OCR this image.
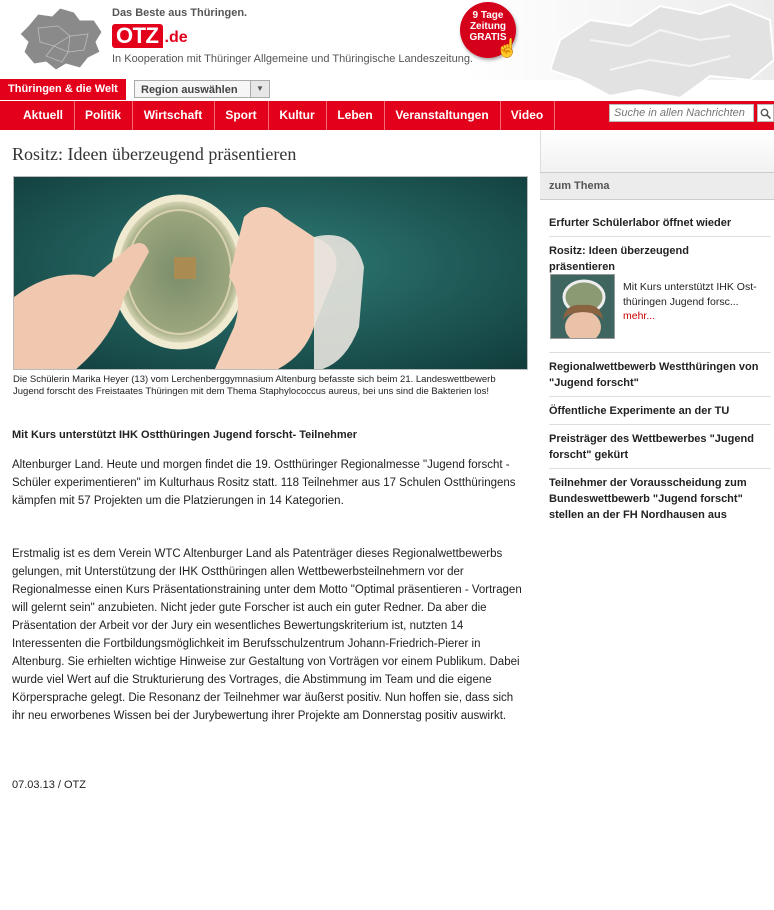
Das Beste aus Thüringen.
OTZ .de
In Kooperation mit Thüringer Allgemeine und Thüringische Landeszeitung.
9 Tage
Zeitung
GRATIS
☝
Thüringen & die Welt	Region auswählen	▼
Aktuell	Politik	Wirtschaft	Sport	Kultur	Leben	Veranstaltungen	Video
Suche in allen Nachrichten
Rositz: Ideen überzeugend präsentieren
Die Schülerin Marika Heyer (13) vom Lerchenberggymnasium Altenburg befasste sich beim 21. Landeswettbewerb Jugend forscht des Freistaates Thüringen mit dem Thema Staphylococcus aureus, bei uns sind die Bakterien los!
Mit Kurs unterstützt IHK Ostthüringen Jugend forscht- Teilnehmer
Altenburger Land. Heute und morgen findet die 19. Ostthüringer Regionalmesse "Jugend forscht - Schüler experimentieren" im Kulturhaus Rositz statt. 118 Teilnehmer aus 17 Schulen Ostthüringens kämpfen mit 57 Projekten um die Platzierungen in 14 Kategorien.
Erstmalig ist es dem Verein WTC Altenburger Land als Patenträger dieses Regionalwettbewerbs gelungen, mit Unterstützung der IHK Ostthüringen allen Wettbewerbsteilnehmern vor der Regionalmesse einen Kurs Präsentationstraining unter dem Motto "Optimal präsentieren - Vortragen will gelernt sein" anzubieten. Nicht jeder gute Forscher ist auch ein guter Redner. Da aber die Präsentation der Arbeit vor der Jury ein wesentliches Bewertungskriterium ist, nutzten 14 Interessenten die Fortbildungsmöglichkeit im Berufsschulzentrum Johann-Friedrich-Pierer in Altenburg. Sie erhielten wichtige Hinweise zur Gestaltung von Vorträgen vor einem Publikum. Dabei wurde viel Wert auf die Strukturierung des Vortrages, die Abstimmung im Team und die eigene Körpersprache gelegt. Die Resonanz der Teilnehmer war äußerst positiv. Nun hoffen sie, dass sich ihr neu erworbenes Wissen bei der Jurybewertung ihrer Projekte am Donnerstag positiv auswirkt.
07.03.13 / OTZ
zum Thema
Erfurter Schülerlabor öffnet wieder
Rositz: Ideen überzeugend präsentieren
Mit Kurs unterstützt IHK Ost-thüringen Jugend forsc...
mehr...
Regionalwettbewerb Westthüringen von "Jugend forscht"
Öffentliche Experimente an der TU
Preisträger des Wettbewerbes "Jugend forscht" gekürt
Teilnehmer der Vorausscheidung zum Bundeswettbewerb "Jugend forscht" stellen an der FH Nordhausen aus
